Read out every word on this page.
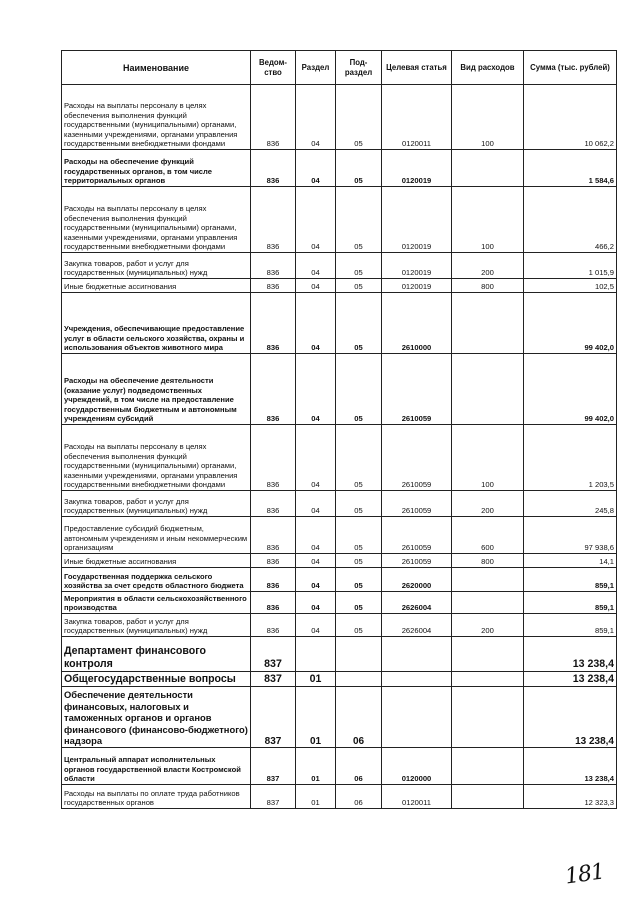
Наименование	Ведом-ство	Раздел	Под-раздел	Целевая статья	Вид расходов	Сумма (тыс. рублей)
Расходы на выплаты персоналу в целях обеспечения выполнения функций государственными (муниципальными) органами, казенными учреждениями, органами управления государственными внебюджетными фондами	836	04	05	0120011	100	10 062,2
Расходы на обеспечение функций государственных органов, в том числе территориальных органов	836	04	05	0120019		1 584,6
Расходы на выплаты персоналу в целях обеспечения выполнения функций государственными (муниципальными) органами, казенными учреждениями, органами управления государственными внебюджетными фондами	836	04	05	0120019	100	466,2
Закупка товаров, работ и услуг для государственных (муниципальных) нужд	836	04	05	0120019	200	1 015,9
Иные бюджетные ассигнования	836	04	05	0120019	800	102,5
Учреждения, обеспечивающие предоставление услуг в области сельского хозяйства, охраны и использования объектов животного мира	836	04	05	2610000		99 402,0
Расходы на обеспечение деятельности (оказание услуг) подведомственных учреждений, в том числе на предоставление государственным бюджетным и автономным учреждениям субсидий	836	04	05	2610059		99 402,0
Расходы на выплаты персоналу в целях обеспечения выполнения функций государственными (муниципальными) органами, казенными учреждениями, органами управления государственными внебюджетными фондами	836	04	05	2610059	100	1 203,5
Закупка товаров, работ и услуг для государственных (муниципальных) нужд	836	04	05	2610059	200	245,8
Предоставление субсидий бюджетным, автономным учреждениям и иным некоммерческим организациям	836	04	05	2610059	600	97 938,6
Иные бюджетные ассигнования	836	04	05	2610059	800	14,1
Государственная поддержка сельского хозяйства за счет средств областного бюджета	836	04	05	2620000		859,1
Мероприятия в области сельскохозяйственного производства	836	04	05	2626004		859,1
Закупка товаров, работ и услуг для государственных (муниципальных) нужд	836	04	05	2626004	200	859,1
Департамент финансового контроля	837					13 238,4
Общегосударственные вопросы	837	01				13 238,4
Обеспечение деятельности финансовых, налоговых и таможенных органов и органов финансового (финансово-бюджетного) надзора	837	01	06			13 238,4
Центральный аппарат исполнительных органов государственной власти Костромской области	837	01	06	0120000		13 238,4
Расходы на выплаты по оплате труда работников государственных органов	837	01	06	0120011		12 323,3
181
